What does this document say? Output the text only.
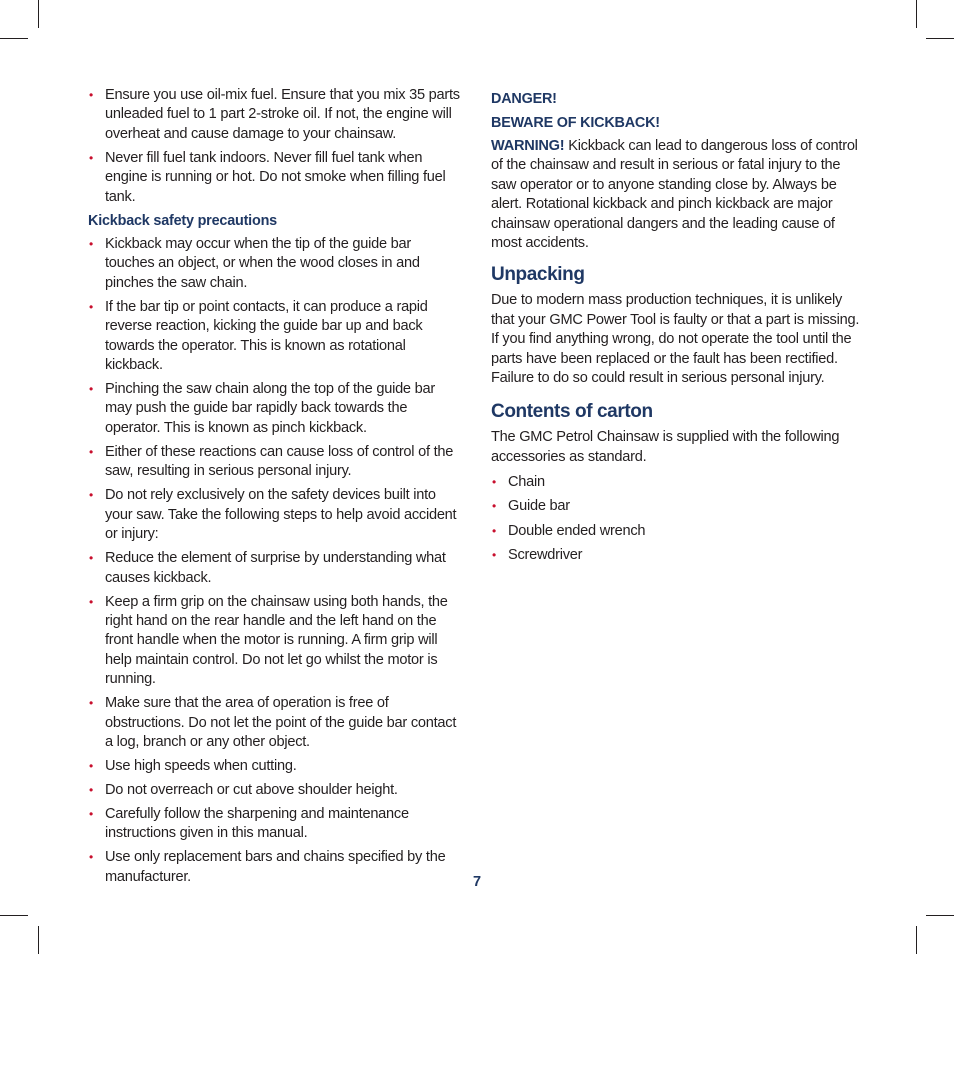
• Ensure you use oil-mix fuel. Ensure that you mix 35 parts unleaded fuel to 1 part 2-stroke oil. If not, the engine will overheat and cause damage to your chainsaw.
• Never fill fuel tank indoors. Never fill fuel tank when engine is running or hot. Do not smoke when filling fuel tank.
Kickback safety precautions
• Kickback may occur when the tip of the guide bar touches an object, or when the wood closes in and pinches the saw chain.
• If the bar tip or point contacts, it can produce a rapid reverse reaction, kicking the guide bar up and back towards the operator. This is known as rotational kickback.
• Pinching the saw chain along the top of the guide bar may push the guide bar rapidly back towards the operator. This is known as pinch kickback.
• Either of these reactions can cause loss of control of the saw, resulting in serious personal injury.
• Do not rely exclusively on the safety devices built into your saw. Take the following steps to help avoid accident or injury:
• Reduce the element of surprise by understanding what causes kickback.
• Keep a firm grip on the chainsaw using both hands, the right hand on the rear handle and the left hand on the front handle when the motor is running. A firm grip will help maintain control. Do not let go whilst the motor is running.
• Make sure that the area of operation is free of obstructions. Do not let the point of the guide bar contact a log, branch or any other object.
• Use high speeds when cutting.
• Do not overreach or cut above shoulder height.
• Carefully follow the sharpening and maintenance instructions given in this manual.
• Use only replacement bars and chains specified by the manufacturer.
DANGER!
BEWARE OF KICKBACK!

WARNING! Kickback can lead to dangerous loss of control of the chainsaw and result in serious or fatal injury to the saw operator or to anyone standing close by. Always be alert. Rotational kickback and pinch kickback are major chainsaw operational dangers and the leading cause of most accidents.

Unpacking

Due to modern mass production techniques, it is unlikely that your GMC Power Tool is faulty or that a part is missing. If you find anything wrong, do not operate the tool until the parts have been replaced or the fault has been rectified. Failure to do so could result in serious personal injury.

Contents of carton

The GMC Petrol Chainsaw is supplied with the following accessories as standard.

• Chain
• Guide bar
• Double ended wrench
• Screwdriver
7
